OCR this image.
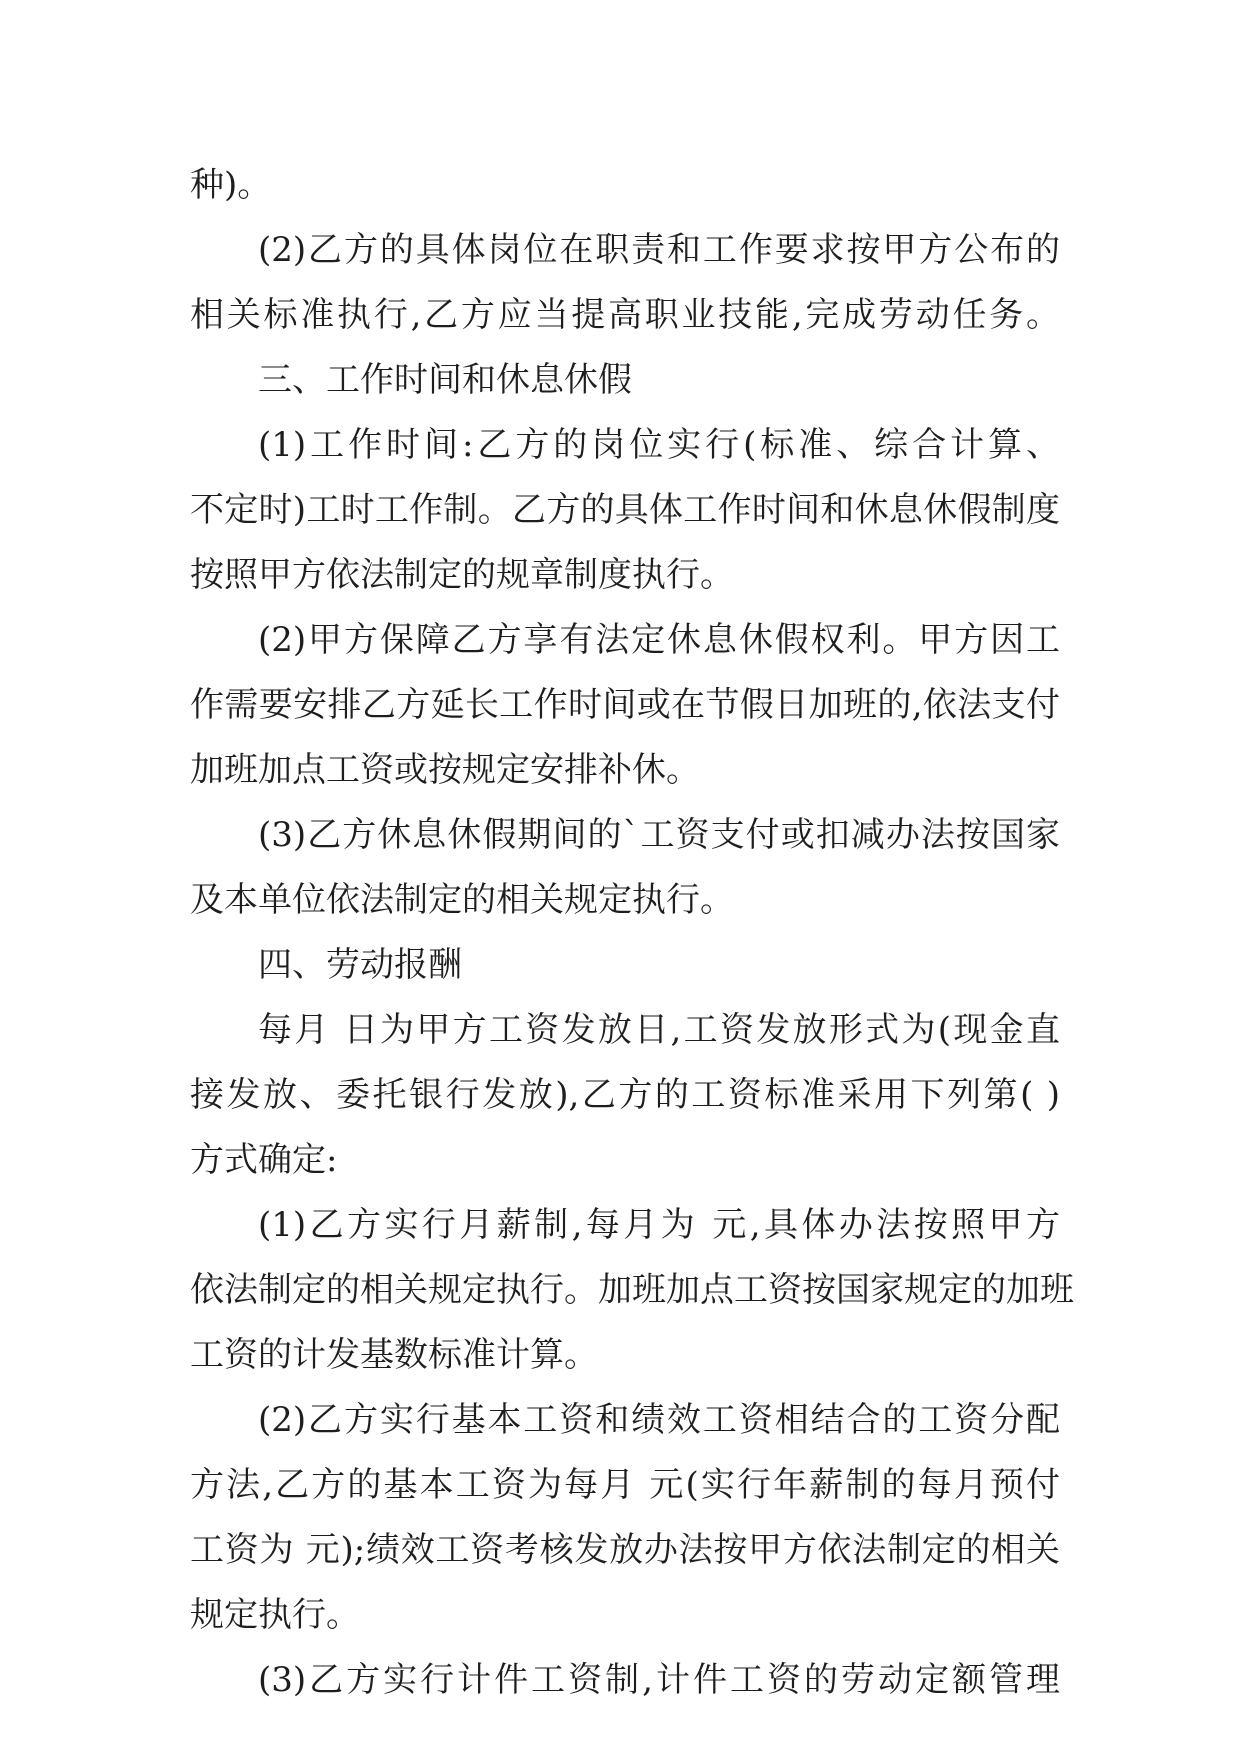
种)。
(2)乙方的具体岗位在职责和工作要求按甲方公布的
相关标准执行,乙方应当提高职业技能,完成劳动任务。
三、工作时间和休息休假
(1)工作时间:乙方的岗位实行(标准、综合计算、
不定时)工时工作制。乙方的具体工作时间和休息休假制度
按照甲方依法制定的规章制度执行。
(2)甲方保障乙方享有法定休息休假权利。甲方因工
作需要安排乙方延长工作时间或在节假日加班的,依法支付
加班加点工资或按规定安排补休。
(3)乙方休息休假期间的`工资支付或扣减办法按国家
及本单位依法制定的相关规定执行。
四、劳动报酬
每月 日为甲方工资发放日,工资发放形式为(现金直
接发放、委托银行发放),乙方的工资标准采用下列第( )
方式确定:
(1)乙方实行月薪制,每月为 元,具体办法按照甲方
依法制定的相关规定执行。加班加点工资按国家规定的加班
工资的计发基数标准计算。
(2)乙方实行基本工资和绩效工资相结合的工资分配
方法,乙方的基本工资为每月 元(实行年薪制的每月预付
工资为 元);绩效工资考核发放办法按甲方依法制定的相关
规定执行。
(3)乙方实行计件工资制,计件工资的劳动定额管理
